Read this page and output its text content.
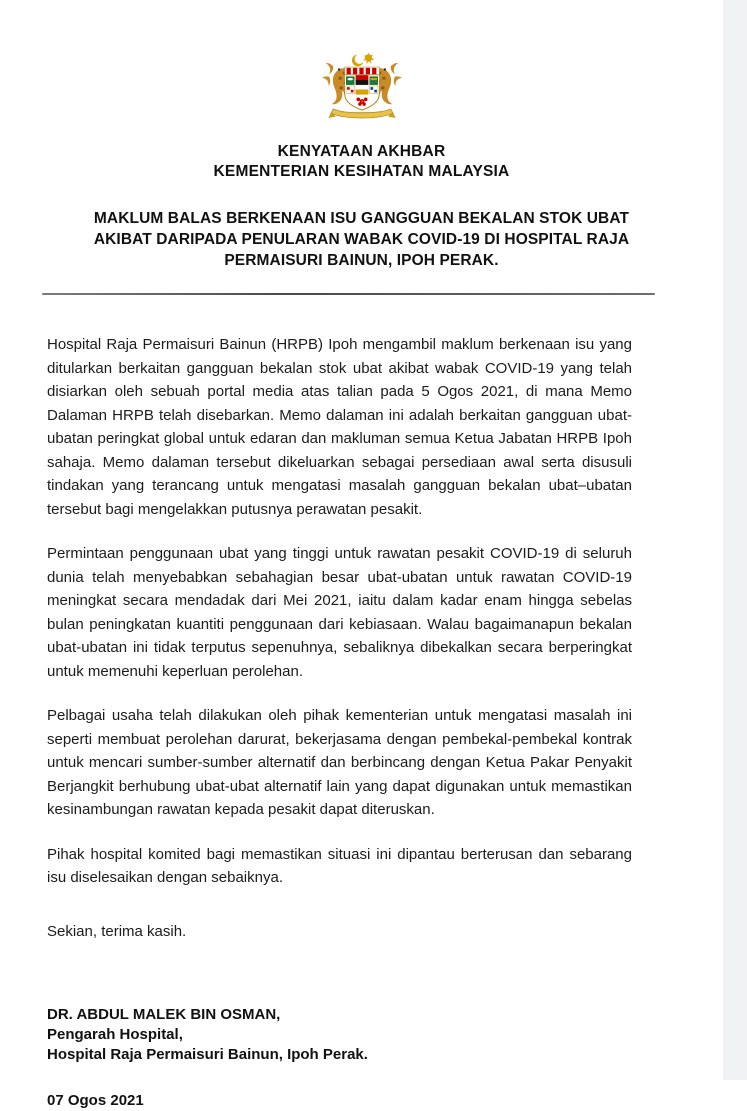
KENYATAAN AKHBAR
KEMENTERIAN KESIHATAN MALAYSIA
MAKLUM BALAS BERKENAAN ISU GANGGUAN BEKALAN STOK UBAT
AKIBAT DARIPADA PENULARAN WABAK COVID-19 DI HOSPITAL RAJA
PERMAISURI BAINUN, IPOH PERAK.

Hospital Raja Permaisuri Bainun (HRPB) Ipoh mengambil maklum berkenaan isu yang ditularkan berkaitan gangguan bekalan stok ubat akibat wabak COVID-19 yang telah disiarkan oleh sebuah portal media atas talian pada 5 Ogos 2021, di mana Memo Dalaman HRPB telah disebarkan. Memo dalaman ini adalah berkaitan gangguan ubat-ubatan peringkat global untuk edaran dan makluman semua Ketua Jabatan HRPB Ipoh sahaja. Memo dalaman tersebut dikeluarkan sebagai persediaan awal serta disusuli tindakan yang terancang untuk mengatasi masalah gangguan bekalan ubat–ubatan tersebut bagi mengelakkan putusnya perawatan pesakit.

Permintaan penggunaan ubat yang tinggi untuk rawatan pesakit COVID-19 di seluruh dunia telah menyebabkan sebahagian besar ubat-ubatan untuk rawatan COVID-19 meningkat secara mendadak dari Mei 2021, iaitu dalam kadar enam hingga sebelas bulan peningkatan kuantiti penggunaan dari kebiasaan. Walau bagaimanapun bekalan ubat-ubatan ini tidak terputus sepenuhnya, sebaliknya dibekalkan secara berperingkat untuk memenuhi keperluan perolehan.

Pelbagai usaha telah dilakukan oleh pihak kementerian untuk mengatasi masalah ini seperti membuat perolehan darurat, bekerjasama dengan pembekal-pembekal kontrak untuk mencari sumber-sumber alternatif dan berbincang dengan Ketua Pakar Penyakit Berjangkit berhubung ubat-ubat alternatif lain yang dapat digunakan untuk memastikan kesinambungan rawatan kepada pesakit dapat diteruskan.

Pihak hospital komited bagi memastikan situasi ini dipantau berterusan dan sebarang isu diselesaikan dengan sebaiknya.

Sekian, terima kasih.

DR. ABDUL MALEK BIN OSMAN,
Pengarah Hospital,
Hospital Raja Permaisuri Bainun, Ipoh Perak.
07 Ogos 2021
